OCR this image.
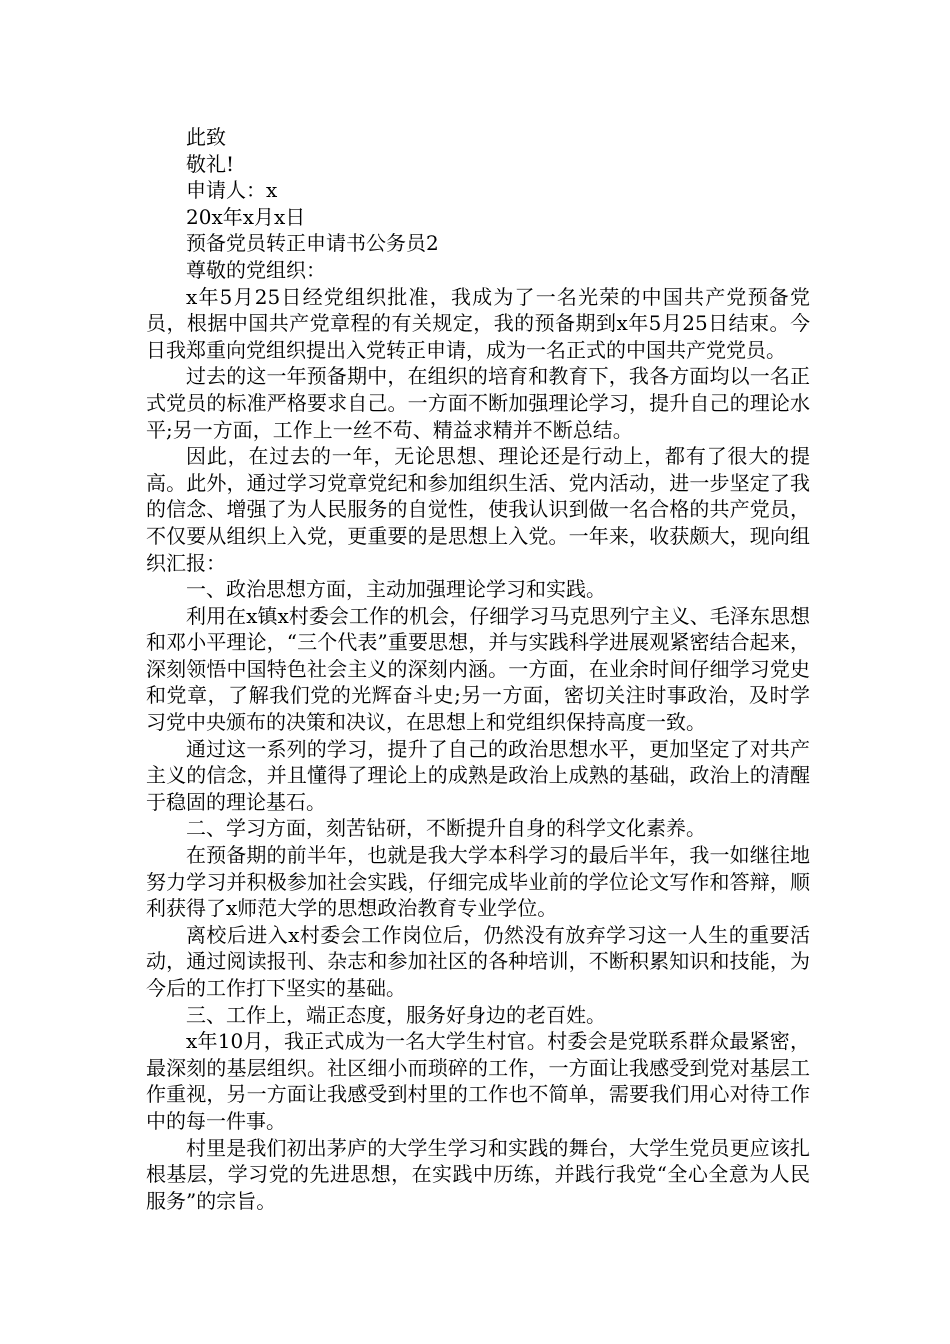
此致

敬礼!

申请人：x

20x年x月x日

预备党员转正申请书公务员2

尊敬的党组织：

x年5月25日经党组织批准，我成为了一名光荣的中国共产党预备党员，根据中国共产党章程的有关规定，我的预备期到x年5月25日结束。今日我郑重向党组织提出入党转正申请，成为一名正式的中国共产党党员。

过去的这一年预备期中，在组织的培育和教育下，我各方面均以一名正式党员的标准严格要求自己。一方面不断加强理论学习，提升自己的理论水平;另一方面，工作上一丝不苟、精益求精并不断总结。

因此，在过去的一年，无论思想、理论还是行动上，都有了很大的提高。此外，通过学习党章党纪和参加组织生活、党内活动，进一步坚定了我的信念、增强了为人民服务的自觉性，使我认识到做一名合格的共产党员，不仅要从组织上入党，更重要的是思想上入党。一年来，收获颇大，现向组织汇报：

一、政治思想方面，主动加强理论学习和实践。

利用在x镇x村委会工作的机会，仔细学习马克思列宁主义、毛泽东思想和邓小平理论，“三个代表”重要思想，并与实践科学进展观紧密结合起来，深刻领悟中国特色社会主义的深刻内涵。一方面，在业余时间仔细学习党史和党章，了解我们党的光辉奋斗史;另一方面，密切关注时事政治，及时学习党中央颁布的决策和决议，在思想上和党组织保持高度一致。

通过这一系列的学习，提升了自己的政治思想水平，更加坚定了对共产主义的信念，并且懂得了理论上的成熟是政治上成熟的基础，政治上的清醒于稳固的理论基石。

二、学习方面，刻苦钻研，不断提升自身的科学文化素养。

在预备期的前半年，也就是我大学本科学习的最后半年，我一如继往地努力学习并积极参加社会实践，仔细完成毕业前的学位论文写作和答辩，顺利获得了x师范大学的思想政治教育专业学位。

离校后进入x村委会工作岗位后，仍然没有放弃学习这一人生的重要活动，通过阅读报刊、杂志和参加社区的各种培训，不断积累知识和技能，为今后的工作打下坚实的基础。

三、工作上，端正态度，服务好身边的老百姓。

x年10月，我正式成为一名大学生村官。村委会是党联系群众最紧密，最深刻的基层组织。社区细小而琐碎的工作，一方面让我感受到党对基层工作重视，另一方面让我感受到村里的工作也不简单，需要我们用心对待工作中的每一件事。

村里是我们初出茅庐的大学生学习和实践的舞台，大学生党员更应该扎根基层，学习党的先进思想，在实践中历练，并践行我党“全心全意为人民服务”的宗旨。
